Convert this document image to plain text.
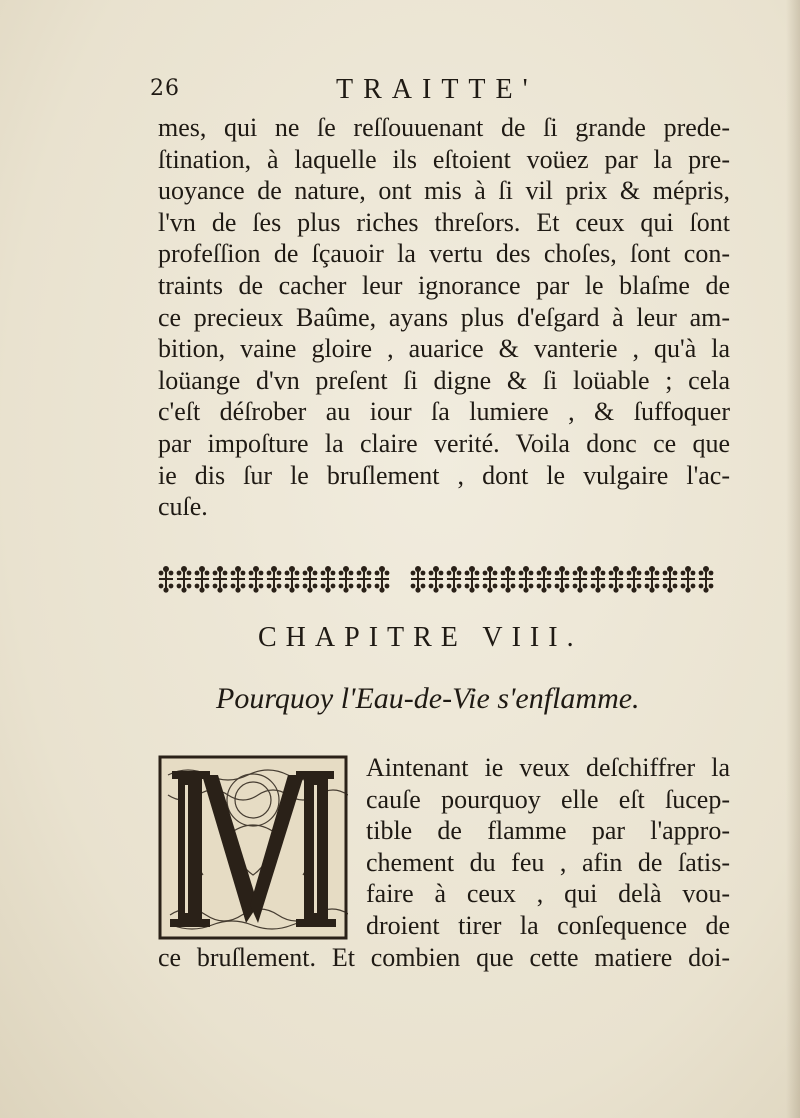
26	TRAITTE'
mes, qui ne ſe reſſouuenant de ſi grande prede-
ſtination, à laquelle ils eſtoient voüez par la pre-
uoyance de nature, ont mis à ſi vil prix & mépris,
l'vn de ſes plus riches threſors. Et ceux qui ſont
profeſſion de ſçauoir la vertu des choſes, ſont con-
traints de cacher leur ignorance par le blaſme de
ce precieux Baûme, ayans plus d'eſgard à leur am-
bition, vaine gloire , auarice & vanterie , qu'à la
loüange d'vn preſent ſi digne & ſi loüable ; cela
c'eſt déſrober au iour ſa lumiere , & ſuffoquer
par impoſture la claire verité. Voila donc ce que
ie dis ſur le bruſlement , dont le vulgaire l'ac-
cuſe.
CHAPITRE VIII.
Pourquoy l'Eau-de-Vie s'enflamme.
Aintenant ie veux deſchiffrer la
cauſe pourquoy elle eſt ſucep-
tible de flamme par l'appro-
chement du feu , afin de ſatis-
faire à ceux , qui delà vou-
droient tirer la conſequence de
ce bruſlement. Et combien que cette matiere doi-
